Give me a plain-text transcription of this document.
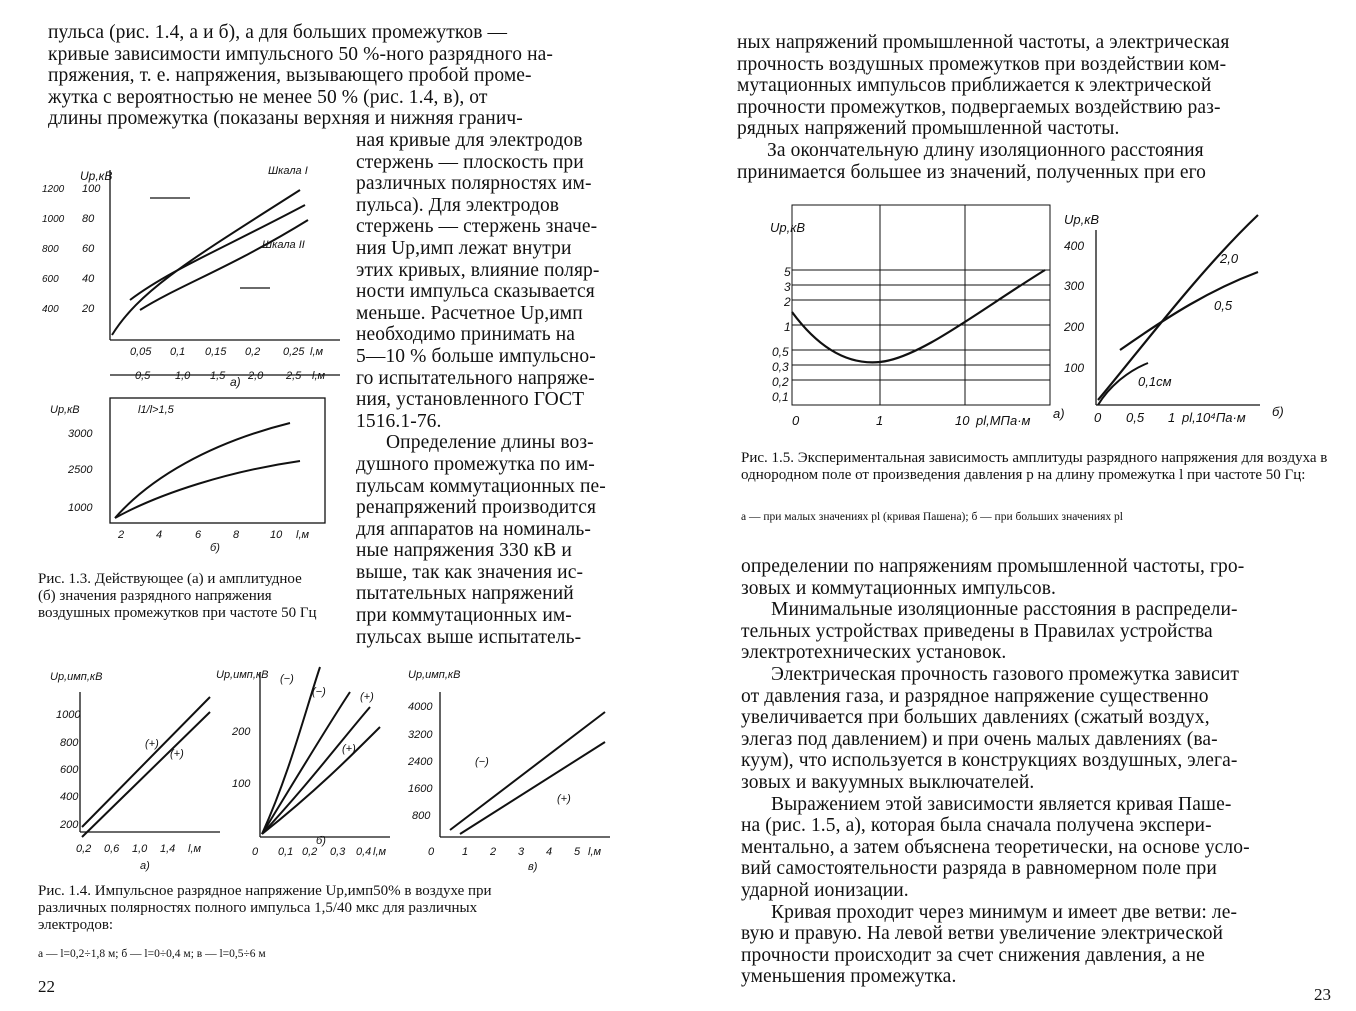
пульса (рис. 1.4, а и б), а для больших промежутков —
кривые зависимости импульсного 50 %-ного разрядного на-
пряжения, т. е. напряжения, вызывающего пробой проме-
жутка с вероятностью не менее 50 % (рис. 1.4, в), от
длины промежутка (показаны верхняя и нижняя гранич-
ная кривые для электродов
стержень — плоскость при
различных полярностях им-
пульса). Для электродов
стержень — стержень значе-
ния Uр,имп лежат внутри
этих кривых, влияние поляр-
ности импульса сказывается
меньше. Расчетное Uр,имп
необходимо принимать на
5—10 % больше импульсно-
го испытательного напряже-
ния, установленного ГОСТ
1516.1-76.
Определение длины воз-
душного промежутка по им-
пульсам коммутационных пе-
ренапряжений производится
для аппаратов на номиналь-
ные напряжения 330 кВ и
выше, так как значения ис-
пытательных напряжений
при коммутационных им-
пульсах выше испытатель-
Uр,кВ
100
80
60
40
20
1200
1000
800
600
400
0,05 0,1 0,15 0,2 0,25 l,м
0,5 1,0 1,5 2,0 2,5 l,м
Шкала I
Шкала II
а)
Uр,кВ	l1/l>1,5
3000
2500
1000
2	4	6	8	10 l,м
б)
Рис. 1.3. Действующее (а) и амплитудное (б) значения разрядного напряжения воздушных промежутков при частоте 50 Гц
Uр,имп,кВ
1000
800
600
400
200
0,2 0,6 1,0 1,4 l,м
а)
(+)
(+)
Uр,имп,кВ
200
100
0 0,1 0,2 0,3 0,4 l,м
б)
(−)
(−)	(+)
(+)
Uр,имп,кВ
4000
3200
2400
1600
800
0	1 2 3 4 5 l,м
в)
(−)
(+)
Рис. 1.4. Импульсное разрядное напряжение Uр,имп50% в воздухе при
различных полярностях полного импульса 1,5/40 мкс для различных
электродов:
а — l=0,2÷1,8 м; б — l=0÷0,4 м; в — l=0,5÷6 м
22
ных напряжений промышленной частоты, а электрическая
прочность воздушных промежутков при воздействии ком-
мутационных импульсов приближается к электрической
прочности промежутков, подвергаемых воздействию раз-
рядных напряжений промышленной частоты.
За окончательную длину изоляционного расстояния
принимается большее из значений, полученных при его
Uр,кВ
5
3
2
1
0,5
0,3
0,2
0,1
0	1	10 pl,МПа·м а)
Uр,кВ
400
300
200
100
0 0,5 1 pl,10⁴Па·м б)
2,0
0,5
0,1см
Рис. 1.5. Экспериментальная зависимость амплитуды разрядного напряжения для воздуха в однородном поле от произведения давления p на длину промежутка l при частоте 50 Гц:
а — при малых значениях pl (кривая Пашена); б — при больших значениях pl
определении по напряжениям промышленной частоты, гро-
зовых и коммутационных импульсов.
Минимальные изоляционные расстояния в распредели-
тельных устройствах приведены в Правилах устройства
электротехнических установок.
Электрическая прочность газового промежутка зависит
от давления газа, и разрядное напряжение существенно
увеличивается при больших давлениях (сжатый воздух,
элегаз под давлением) и при очень малых давлениях (ва-
куум), что используется в конструкциях воздушных, элега-
зовых и вакуумных выключателей.
Выражением этой зависимости является кривая Паше-
на (рис. 1.5, а), которая была сначала получена экспери-
ментально, а затем объяснена теоретически, на основе усло-
вий самостоятельности разряда в равномерном поле при
ударной ионизации.
Кривая проходит через минимум и имеет две ветви: ле-
вую и правую. На левой ветви увеличение электрической
прочности происходит за счет снижения давления, а не
уменьшения промежутка.
23
